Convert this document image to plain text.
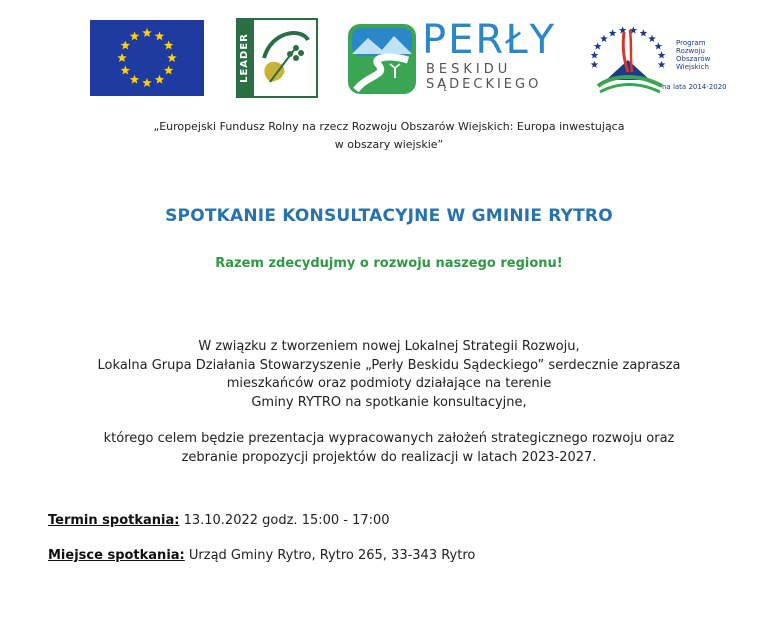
LEADER	PERŁY
BESKIDU
SĄDECKIEGO
Program
Rozwoju
Obszarów
Wiejskich
na lata 2014-2020
„Europejski Fundusz Rolny na rzecz Rozwoju Obszarów Wiejskich: Europa inwestująca
w obszary wiejskie”
SPOTKANIE KONSULTACYJNE W GMINIE RYTRO
Razem zdecydujmy o rozwoju naszego regionu!
W związku z tworzeniem nowej Lokalnej Strategii Rozwoju,
Lokalna Grupa Działania Stowarzyszenie „Perły Beskidu Sądeckiego” serdecznie zaprasza
mieszkańców oraz podmioty działające na terenie
Gminy RYTRO na spotkanie konsultacyjne,
którego celem będzie prezentacja wypracowanych założeń strategicznego rozwoju oraz
zebranie propozycji projektów do realizacji w latach 2023-2027.
Termin spotkania: 13.10.2022 godz. 15:00 - 17:00
Miejsce spotkania: Urząd Gminy Rytro, Rytro 265, 33-343 Rytro
